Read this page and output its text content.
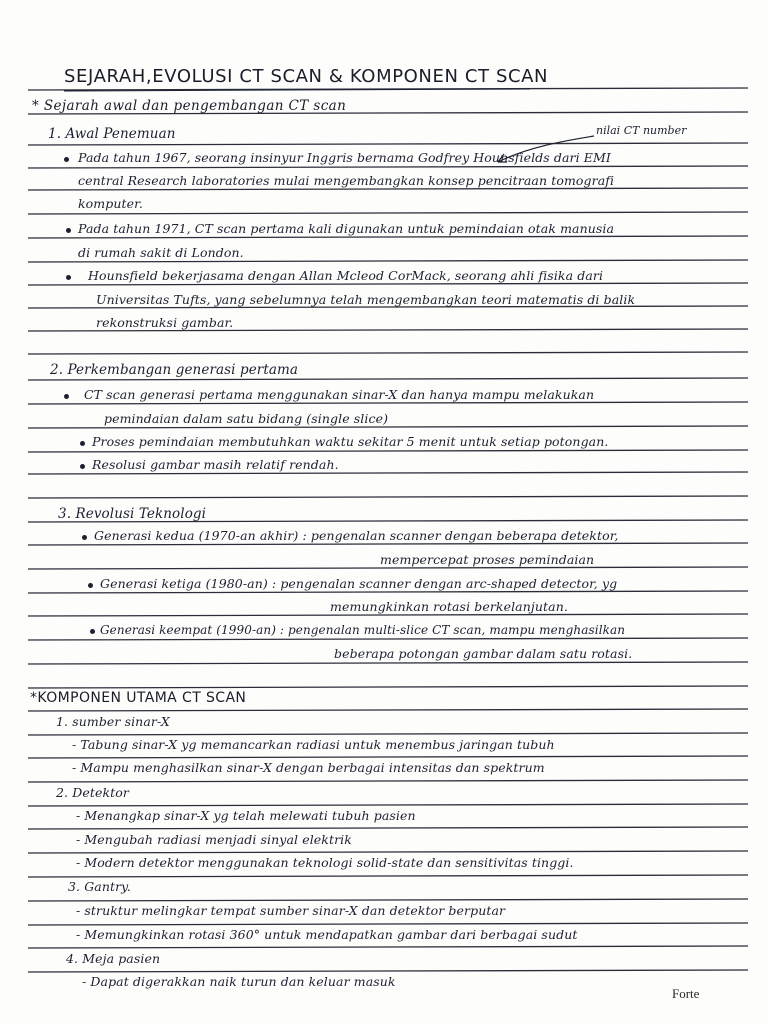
SEJARAH,EVOLUSI CT SCAN & KOMPONEN CT SCAN
* Sejarah awal dan pengembangan CT scan
1. Awal Penemuan	nilai CT number
Pada tahun 1967, seorang insinyur Inggris bernama Godfrey Hounsfields dari EMI
central Research laboratories mulai mengembangkan konsep pencitraan tomografi
komputer.
Pada tahun 1971, CT scan pertama kali digunakan untuk pemindaian otak manusia
di rumah sakit di London.
Hounsfield bekerjasama dengan Allan Mcleod CorMack, seorang ahli fisika dari
Universitas Tufts, yang sebelumnya telah mengembangkan teori matematis di balik
rekonstruksi gambar.
2. Perkembangan generasi pertama
CT scan generasi pertama menggunakan sinar-X dan hanya mampu melakukan
pemindaian dalam satu bidang (single slice)
Proses pemindaian membutuhkan waktu sekitar 5 menit untuk setiap potongan.
Resolusi gambar masih relatif rendah.
3. Revolusi Teknologi
Generasi kedua (1970-an akhir) : pengenalan scanner dengan beberapa detektor,
mempercepat proses pemindaian
Generasi ketiga (1980-an) : pengenalan scanner dengan arc-shaped detector, yg
memungkinkan rotasi berkelanjutan.
Generasi keempat (1990-an) : pengenalan multi-slice CT scan, mampu menghasilkan
beberapa potongan gambar dalam satu rotasi.
*KOMPONEN UTAMA CT SCAN
1. sumber sinar-X
- Tabung sinar-X yg memancarkan radiasi untuk menembus jaringan tubuh
- Mampu menghasilkan sinar-X dengan berbagai intensitas dan spektrum
2. Detektor
- Menangkap sinar-X yg telah melewati tubuh pasien
- Mengubah radiasi menjadi sinyal elektrik
- Modern detektor menggunakan teknologi solid-state dan sensitivitas tinggi.
3. Gantry.
- struktur melingkar tempat sumber sinar-X dan detektor berputar
- Memungkinkan rotasi 360° untuk mendapatkan gambar dari berbagai sudut
4. Meja pasien
- Dapat digerakkan naik turun dan keluar masuk
Forte
